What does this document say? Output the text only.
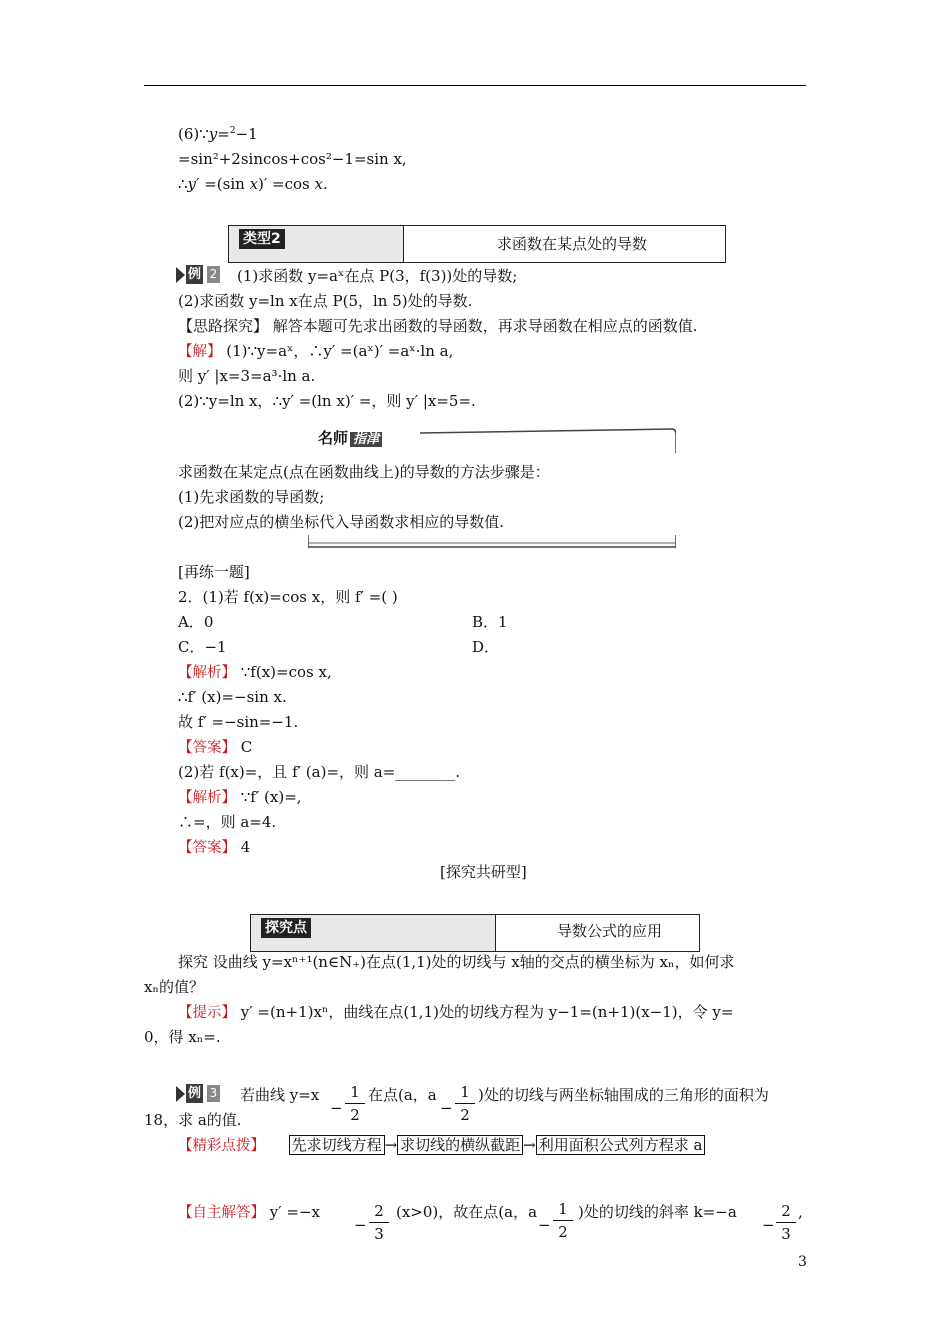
(6)∵y=$^2$−1
=sin²+2sincos+cos²−1=sin x,
∴y′ =(sin x)′ =cos x.
类型2	求函数在某点处的导数
例 2 (1)求函数 y=aˣ在点 P(3，f(3))处的导数;
(2)求函数 y=ln x在点 P(5，ln 5)处的导数.
【思路探究】 解答本题可先求出函数的导函数，再求导函数在相应点的函数值.
【解】 (1)∵y=aˣ，∴y′ =(aˣ)′ =aˣ·ln a,
则 y′ |x=3=a³·ln a.
(2)∵y=ln x，∴y′ =(ln x)′ =，则 y′ |x=5=.
名师 指津
求函数在某定点(点在函数曲线上)的导数的方法步骤是：
(1)先求函数的导函数;
(2)把对应点的横坐标代入导函数求相应的导数值.
[再练一题]
2．(1)若 f(x)=cos x，则 f′ =( )
A．0	B．1
C．−1	D．
【解析】 ∵f(x)=cos x,
∴f′ (x)=−sin x.
故 f′ =−sin=−1.
【答案】 C
(2)若 f(x)=，且 f′ (a)=，则 a=________.
【解析】 ∵f′ (x)=,
∴=，则 a=4.
【答案】 4
[探究共研型]
探究点	导数公式的应用
探究 设曲线 y=xⁿ⁺¹(n∈N₊)在点(1,1)处的切线与 x轴的交点的横坐标为 xₙ，如何求
xₙ的值？
【提示】 y′ =(n+1)xⁿ，曲线在点(1,1)处的切线方程为 y−1=(n+1)(x−1)，令 y=
0，得 xₙ=.
例 3 若曲线 y=x
−
1
2
在点(a，a
−
1
2
)处的切线与两坐标轴围成的三角形的面积为
18，求 a的值.
【精彩点拨】 先求切线方程 → 求切线的横纵截距 → 利用面积公式列方程求 a
【自主解答】 y′ =−x
−
2
3
(x>0)，故在点(a，a
−
1
2
)处的切线的斜率 k=−a
−
2
3
,
3
